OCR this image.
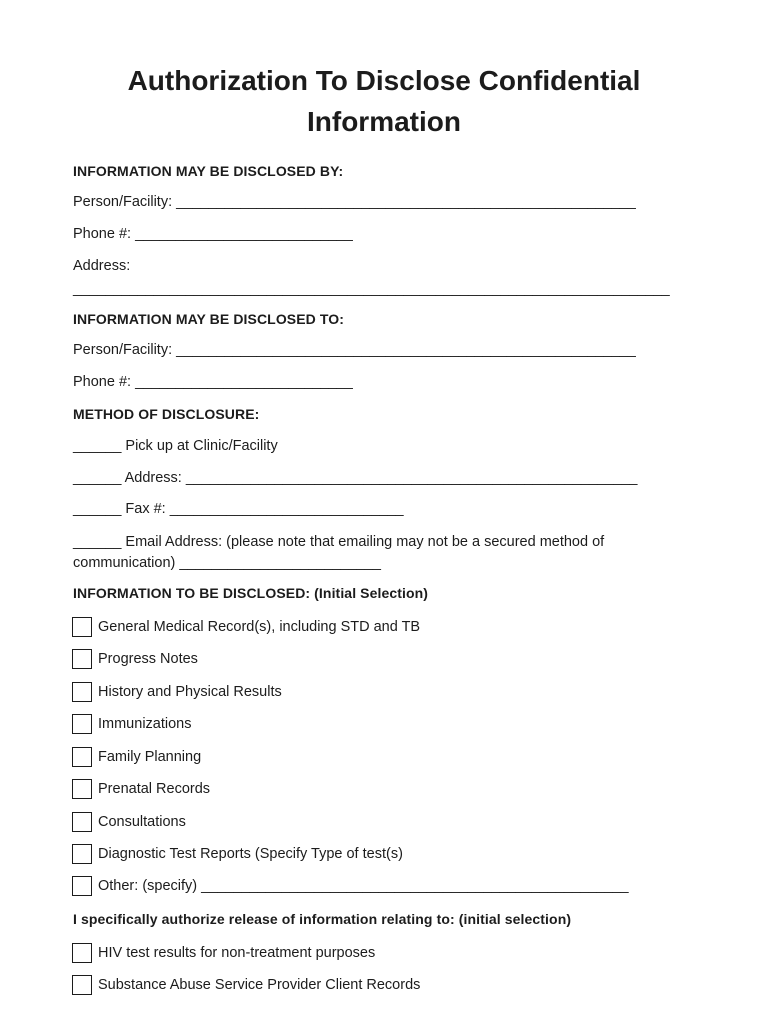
Authorization To Disclose Confidential Information
INFORMATION MAY BE DISCLOSED BY:
Person/Facility: _________________________________________________________
Phone #: ___________________________
Address:
__________________________________________________________________________
INFORMATION MAY BE DISCLOSED TO:
Person/Facility: _________________________________________________________
Phone #: ___________________________
METHOD OF DISCLOSURE:
______ Pick up at Clinic/Facility
______ Address: ________________________________________________________
______ Fax #: _____________________________
______ Email Address: (please note that emailing may not be a secured method of communication) _________________________
INFORMATION TO BE DISCLOSED: (Initial Selection)
General Medical Record(s), including STD and TB
Progress Notes
History and Physical Results
Immunizations
Family Planning
Prenatal Records
Consultations
Diagnostic Test Reports (Specify Type of test(s)
Other: (specify) _____________________________________________________
I specifically authorize release of information relating to: (initial selection)
HIV test results for non-treatment purposes
Substance Abuse Service Provider Client Records
